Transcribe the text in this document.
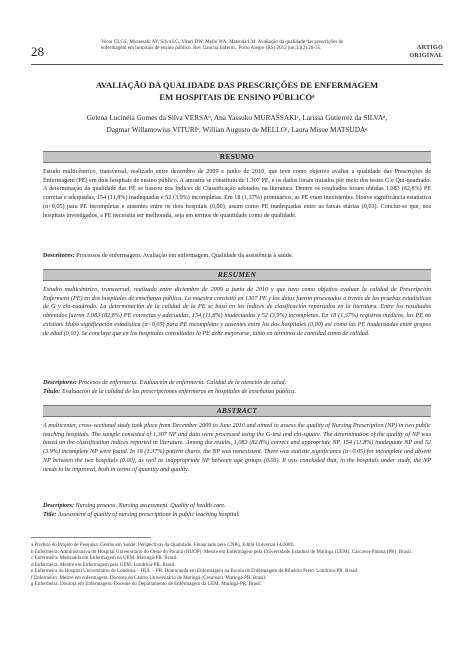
28
Versa GLGS, Murassaki AY, Silva LG, Vituri DW, Mello WA, Matsuda LM. Avaliação da qualidade das prescrições de enfermagem em hospitais de ensino público. Rev Gaúcha Enferm., Porto Alegre (RS) 2012 jun;33(2):28-35.	ARTIGO
ORIGINAL
AVALIAÇÃO DA QUALIDADE DAS PRESCRIÇÕES DE ENFERMAGEM
EM HOSPITAIS DE ENSINO PÚBLICOᵃ
Gelena Lucinéia Gomes da Silva VERSAᵇ, Ana Yassuko MURASSAKIᶜ, Larissa Gutierrez da SILVAᵈ,
Dagmar Willamowius VITURIᵉ, Willian Augusto de MELLOᶠ, Laura Misue MATSUDAᵍ
RESUMO
Estudo multicêntrico, transversal, realizado entre dezembro de 2009 e junho de 2010, que teve como objetivo avaliar a qualidade das Prescrições de Enfermagem (PE) em dois hospitais de ensino público. A amostra se constituiu de 1.307 PE, e os dados foram tratados por meio dos testes G e Qui-quadrado. A determinação da qualidade das PE se baseou nos Índices de Classificação adotados na literatura. Dentre os resultados foram obtidas 1.083 (82,8%) PE corretas e adequadas, 154 (11,8%) inadequadas e 52 (3,9%) incompletas. Em 18 (1,37%) prontuários, as PE eram inexistentes. Houve significância estatística (α<0,05) para PE incompletas e ausentes entre os dois hospitais (0,00), assim como PE inadequadas entre as faixas etárias (0,03). Conclui-se que, nos hospitais investigados, a PE necessita ser melhorada, seja em termos de quantidade como de qualidade.
Descritores: Processos de enfermagem. Avaliação em enfermagem. Qualidade da assistência à saúde.
RESUMEN
Estudio multicéntrico, transversal, realizado entre diciembre de 2009 a junio de 2010 y que tuvo como objetivo evaluar la calidad de Prescripción Enfermera (PE) en dos hospitales de enseñanza pública. La muestra consistió en 1307 PE y los datos fueron procesados a través de las pruebas estadísticas de G y chi-cuadrado. La determinación de la calidad de la PE se basó en los índices de clasificación reportados en la literatura. Entre los resultados obtenidos fueron 1.083 (82,8%) PE correctas y adecuadas, 154 (11,8%) inadecuadas y 52 (3,9%) incompletas. En 18 (1,37%) registros médicos, las PE no existían. Hubo significación estadística (α<0,05) para PE incompletas y ausentes entre los dos hospitales (0,00) así como las PE inadecuadas entre grupos de edad (0,03). Se concluye que en los hospitales consultados la PE debe mejorarse, tanto en términos de cantidad como de calidad.
Descriptores: Procesos de enfermería. Evaluación de enfermería. Calidad de la atención de salud.
Título: Evaluación de la calidad de las prescripciones enfermeras en hospitales de enseñanza pública.
ABSTRACT
A multicenter, cross-sectional study took place from December 2009 to June 2010 and aimed to assess the quality of Nursing Prescription (NP) in two public teaching hospitals. The sample consisted of 1,307 NP and data were processed using the G-test and chi-square. The determination of the quality of NP was based on the classification indices reported in literature. Among the results, 1,083 (82.8%) correct and appropriate NP, 154 (11.8%) inadequate NP and 52 (3.9%) incomplete NP were found. In 18 (1.37%) patient charts, the NP was nonexistent. There was statistic significance (α<0.05) for incomplete and absent NP between the two hospitals (0.00), as well as inappropriate NP between age groups (0.03). It was concluded that, in the hospitals under study, the NP needs to be improved, both in terms of quantity and quality.
Descriptors: Nursing process. Nursing assessment. Quality of health care.
Title: Assessment of quality of nursing prescriptions in public teaching hospital.

a Produto do Projeto de Pesquisa: Gestão em Saúde: Perspectivas da Qualidade. Financiado pelo CNPq, Edital Universal 14/2008.

b Enfermeira. Administrativa do Hospital Universitário do Oeste do Paraná (HUOP). Mestre em Enfermagem pela Universidade Estadual de Maringá (UEM). Cascavel-Paraná (PR). Brasil.

c Enfermeira. Mestranda em Enfermagem na UEM. Maringá-PR. Brasil.

d Enfermeira. Mestre em Enfermagem pela UEM. Londrina-PR. Brasil.

e Enfermeira do Hospital Universitário de Londrina – HUL – PR. Doutoranda em Enfermagem na Escola de Enfermagem de Ribeirão Preto. Londrina-PR. Brasil.

f Enfermeiro. Mestre em enfermagem. Docente do Centro Universitário de Maringá (Cesumar). Maringá-PR. Brasil.

g Enfermeira. Doutora em Enfermagem. Docente do Departamento de Enfermagem da UEM. Maringá-PR. Brasil.
